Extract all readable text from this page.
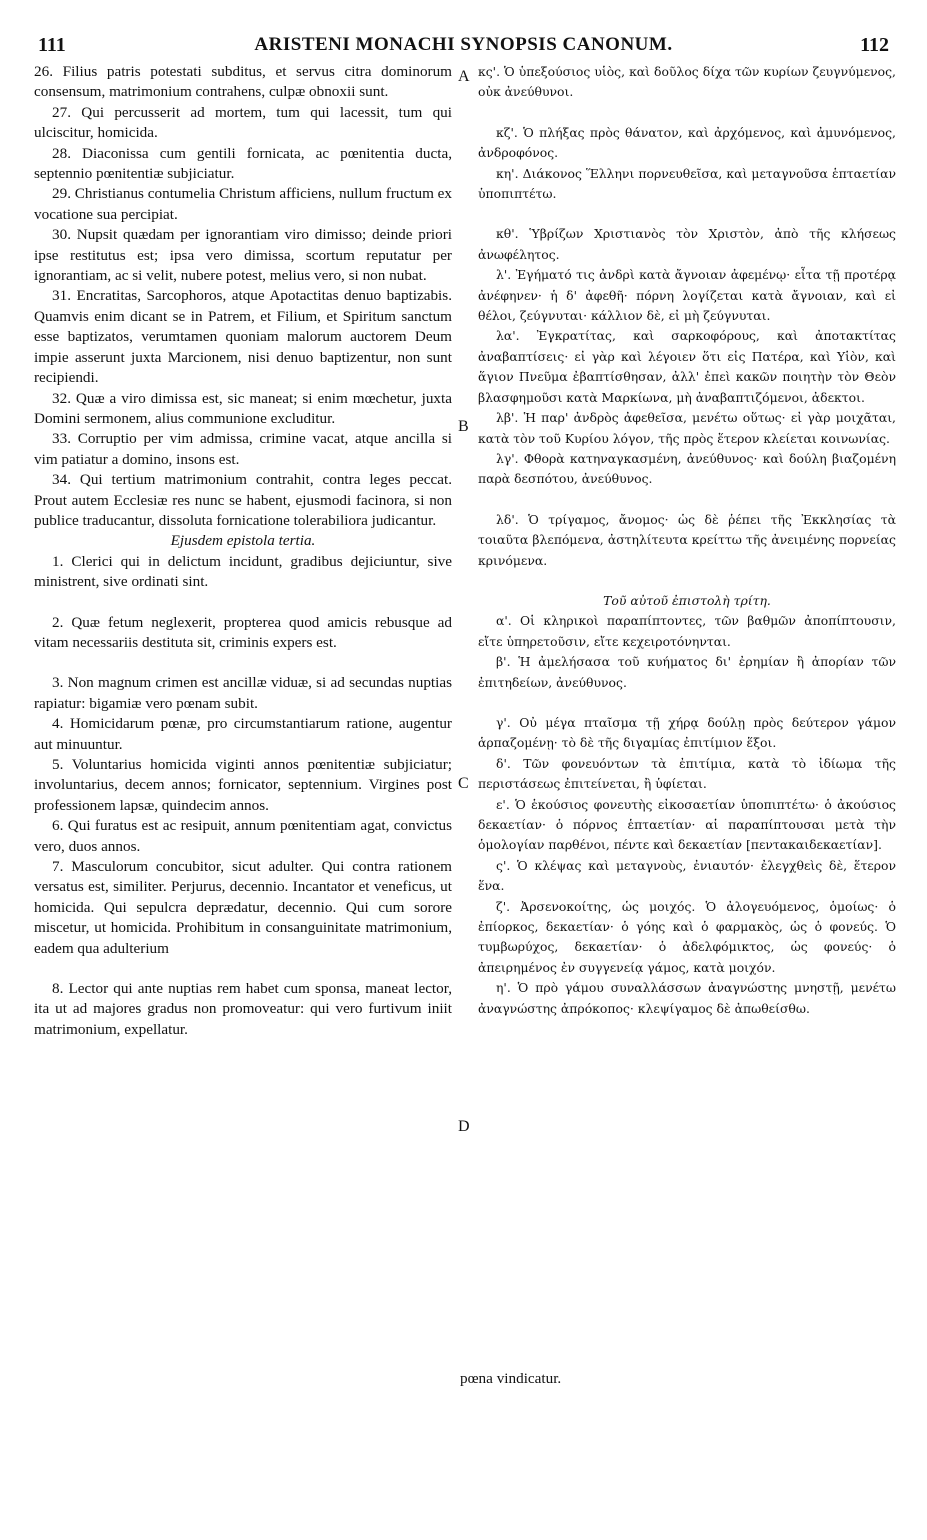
111	ARISTENI MONACHI SYNOPSIS CANONUM.	112

26. Filius patris potestati subditus, et servus citra dominorum consensum, matrimonium contrahens, culpæ obnoxii sunt.

27. Qui percusserit ad mortem, tum qui lacessit, tum qui ulciscitur, homicida.

28. Diaconissa cum gentili fornicata, ac pœnitentia ducta, septennio pœnitentiæ subjiciatur.

29. Christianus contumelia Christum afficiens, nullum fructum ex vocatione sua percipiat.

30. Nupsit quædam per ignorantiam viro dimisso; deinde priori ipse restitutus est; ipsa vero dimissa, scortum reputatur per ignorantiam, ac si velit, nubere potest, melius vero, si non nubat.

31. Encratitas, Sarcophoros, atque Apotactitas denuo baptizabis. Quamvis enim dicant se in Patrem, et Filium, et Spiritum sanctum esse baptizatos, verumtamen quoniam malorum auctorem Deum impie asserunt juxta Marcionem, nisi denuo baptizentur, non sunt recipiendi.

32. Quæ a viro dimissa est, sic maneat; si enim mœchetur, juxta Domini sermonem, alius communione excluditur.

33. Corruptio per vim admissa, crimine vacat, atque ancilla si vim patiatur a domino, insons est.

34. Qui tertium matrimonium contrahit, contra leges peccat. Prout autem Ecclesiæ res nunc se habent, ejusmodi facinora, si non publice traducantur, dissoluta fornicatione tolerabiliora judicantur.

Ejusdem epistola tertia.

1. Clerici qui in delictum incidunt, gradibus dejiciuntur, sive ministrent, sive ordinati sint.

2. Quæ fetum neglexerit, propterea quod amicis rebusque ad vitam necessariis destituta sit, criminis expers est.

3. Non magnum crimen est ancillæ viduæ, si ad secundas nuptias rapiatur: bigamiæ vero pœnam subit.

4. Homicidarum pœnæ, pro circumstantiarum ratione, augentur aut minuuntur.

5. Voluntarius homicida viginti annos pœnitentiæ subjiciatur; involuntarius, decem annos; fornicator, septennium. Virgines post professionem lapsæ, quindecim annos.

6. Qui furatus est ac resipuit, annum pœnitentiam agat, convictus vero, duos annos.

7. Masculorum concubitor, sicut adulter. Qui contra rationem versatus est, similiter. Perjurus, decennio. Incantator et veneficus, ut homicida. Qui sepulcra deprædatur, decennio. Qui cum sorore miscetur, ut homicida. Prohibitum in consanguinitate matrimonium, eadem qua adulterium

8. Lector qui ante nuptias rem habet cum sponsa, maneat lector, ita ut ad majores gradus non promoveatur: qui vero furtivum iniit matrimonium, expellatur.

κς'. Ὁ ὑπεξούσιος υἱὸς, καὶ δοῦλος δίχα τῶν κυρίων ζευγνύμενος, οὐκ ἀνεύθυνοι.

κζ'. Ὁ πλήξας πρὸς θάνατον, καὶ ἀρχόμενος, καὶ ἀμυνόμενος, ἀνδροφόνος.

κη'. Διάκονος Ἕλληνι πορνευθεῖσα, καὶ μεταγνοῦσα ἑπταετίαν ὑποπιπτέτω.

κθ'. Ὑβρίζων Χριστιανὸς τὸν Χριστὸν, ἀπὸ τῆς κλήσεως ἀνωφέλητος.

λ'. Ἐγήματό τις ἀνδρὶ κατὰ ἄγνοιαν ἀφεμένῳ· εἶτα τῇ προτέρᾳ ἀνέφηνεν· ἡ δ' ἀφεθῆ· πόρνη λογίζεται κατὰ ἄγνοιαν, καὶ εἰ θέλοι, ζεύγνυται· κάλλιον δὲ, εἰ μὴ ζεύγνυται.

λα'. Ἐγκρατίτας, καὶ σαρκοφόρους, καὶ ἀποτακτίτας ἀναβαπτίσεις· εἰ γὰρ καὶ λέγοιεν ὅτι εἰς Πατέρα, καὶ Υἱὸν, καὶ ἅγιον Πνεῦμα ἐβαπτίσθησαν, ἀλλ' ἐπεὶ κακῶν ποιητὴν τὸν Θεὸν βλασφημοῦσι κατὰ Μαρκίωνα, μὴ ἀναβαπτιζόμενοι, ἀδεκτοι.

λβ'. Ἡ παρ' ἀνδρὸς ἀφεθεῖσα, μενέτω οὕτως· εἰ γὰρ μοιχᾶται, κατὰ τὸν τοῦ Κυρίου λόγον, τῆς πρὸς ἕτερον κλείεται κοινωνίας.

λγ'. Φθορὰ κατηναγκασμένη, ἀνεύθυνος· καὶ δούλη βιαζομένη παρὰ δεσπότου, ἀνεύθυνος.

λδ'. Ὁ τρίγαμος, ἄνομος· ὡς δὲ ῥέπει τῆς Ἐκκλησίας τὰ τοιαῦτα βλεπόμενα, ἀστηλίτευτα κρείττω τῆς ἀνειμένης πορνείας κρινόμενα.

Τοῦ αὐτοῦ ἐπιστολὴ τρίτη.

α'. Οἱ κληρικοὶ παραπίπτοντες, τῶν βαθμῶν ἀποπίπτουσιν, εἴτε ὑπηρετοῦσιν, εἴτε κεχειροτόνηνται.

β'. Ἡ ἀμελήσασα τοῦ κυήματος δι' ἐρημίαν ἢ ἀπορίαν τῶν ἐπιτηδείων, ἀνεύθυνος.

γ'. Οὐ μέγα πταῖσμα τῇ χήρᾳ δούλῃ πρὸς δεύτερον γάμον ἁρπαζομένῃ· τὸ δὲ τῆς διγαμίας ἐπιτίμιον ἕξοι.

δ'. Τῶν φονευόντων τὰ ἐπιτίμια, κατὰ τὸ ἰδίωμα τῆς περιστάσεως ἐπιτείνεται, ἢ ὑφίεται.

ε'. Ὁ ἑκούσιος φονευτὴς εἰκοσαετίαν ὑποπιπτέτω· ὁ ἀκούσιος δεκαετίαν· ὁ πόρνος ἑπταετίαν· αἱ παραπίπτουσαι μετὰ τὴν ὁμολογίαν παρθένοι, πέντε καὶ δεκαετίαν [πεντακαιδεκαετίαν].

ς'. Ὁ κλέψας καὶ μεταγνοὺς, ἐνιαυτόν· ἐλεγχθεὶς δὲ, ἕτερον ἕνα.

ζ'. Ἀρσενοκοίτης, ὡς μοιχός. Ὁ ἀλογευόμενος, ὁμοίως· ὁ ἐπίορκος, δεκαετίαν· ὁ γόης καὶ ὁ φαρμακὸς, ὡς ὁ φονεύς. Ὁ τυμβωρύχος, δεκαετίαν· ὁ ἀδελφόμικτος, ὡς φονεύς· ὁ ἀπειρημένος ἐν συγγενείᾳ γάμος, κατὰ μοιχόν.

η'. Ὁ πρὸ γάμου συναλλάσσων ἀναγνώστης μνηστῇ, μενέτω ἀναγνώστης ἀπρόκοπος· κλεψίγαμος δὲ ἀπωθείσθω.

pœna vindicatur.
A
B
C
D
